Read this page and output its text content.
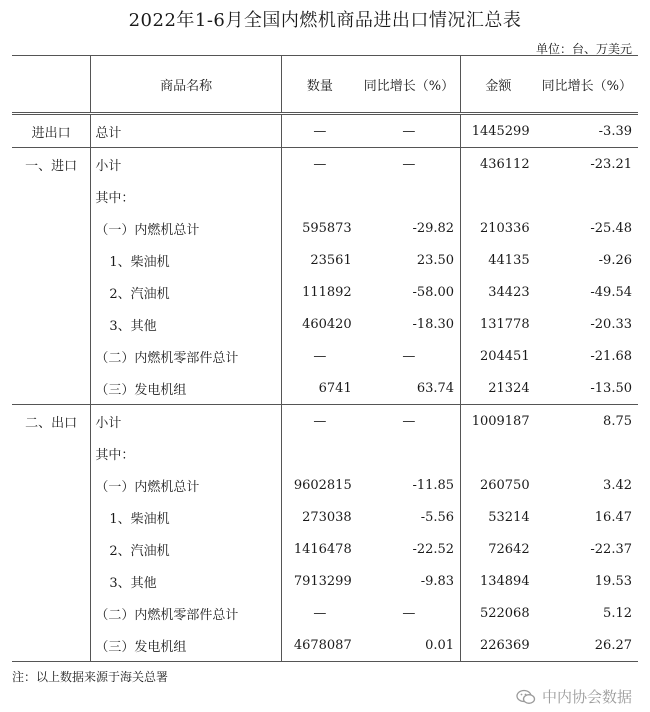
2022年1-6月全国内燃机商品进出口情况汇总表
单位：台、万美元
	商品名称	数量	同比增长（%）	金额	同比增长（%）
进出口	总计	—	—	1445299	-3.39
一、进口	小计	—	—	436112	-23.21
	其中：				
	（一）内燃机总计	595873	-29.82	210336	-25.48
	1、柴油机	23561	23.50	44135	-9.26
	2、汽油机	111892	-58.00	34423	-49.54
	3、其他	460420	-18.30	131778	-20.33
	（二）内燃机零部件总计	—	—	204451	-21.68
	（三）发电机组	6741	63.74	21324	-13.50
二、出口	小计	—	—	1009187	8.75
	其中：				
	（一）内燃机总计	9602815	-11.85	260750	3.42
	1、柴油机	273038	-5.56	53214	16.47
	2、汽油机	1416478	-22.52	72642	-22.37
	3、其他	7913299	-9.83	134894	19.53
	（二）内燃机零部件总计	—	—	522068	5.12
	（三）发电机组	4678087	0.01	226369	26.27
注：以上数据来源于海关总署
中内协会数据
